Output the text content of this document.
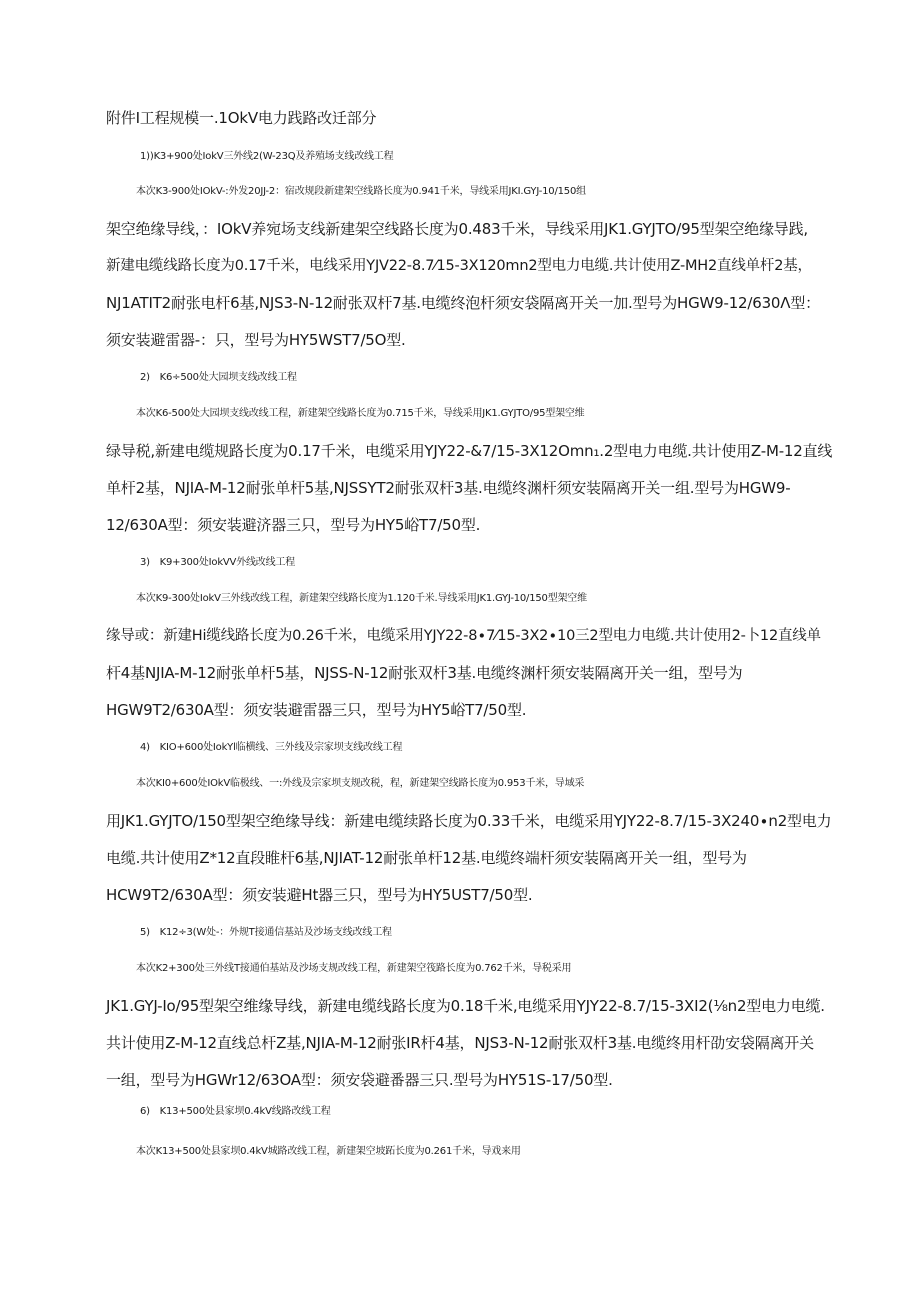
附件I工程规模一.1OkV电力践路改迁部分
1))K3+900处IokV三外线2(W-23Q及养殖场支线改线工程
本次K3-900处IOkV-:外发20JJ-2：宿改规段新建架空线路长度为0.941千米，导线采用JKI.GYJ-10/150组
架空绝缘导线，：IOkV养宛场支线新建架空线路长度为0.483千米，导线采用JK1.GYJTO/95型架空绝缘导践,
新建电缆线路长度为0.17千米，电线采用YJV22-8.7⁄15-3X120mn2型电力电缆.共计使用Z-MH2直线单杆2基，
NJ1ATIT2耐张电杆6基,NJS3-N-12耐张双杆7基.电缆终泡杆须安袋隔离开关一加.型号为HGW9-12∕630Λ型：
须安装避雷器-：只，型号为HY5WST7/5O型.
2)　K6÷500处大园坝支线改线工程
本次K6-500处大园坝支线改线工程，新建架空线路长度为0.715千米，导线采用JK1.GYJTO/95型架空维
绿导税,新建电缆规路长度为0.17千米，电缆采用YJY22-&7/15-3X12Omn₁.2型电力电缆.共计使用Z-M-12直线
单杆2基，NJIA-M-12耐张单杆5基,NJSSYT2耐张双杆3基.电缆终渊杆须安装隔离开关一组.型号为HGW9-
12/630A型：须安装避济器三只，型号为HY5峪T7/50型.
3)　K9+300处IokVV外线改线工程
本次K9-300处IokV三外线改线工程，新建架空线路长度为1.120千米.导线采用JK1.GYJ-10/150型架空维
缘导或：新建Hi缆线路长度为0.26千米，电缆采用YJY22-8∙7⁄15-3X2∙10三2型电力电缆.共计使用2-卜12直线单
杆4基NJIA-M-12耐张单杆5基，NJSS-N-12耐张双杆3基.电缆终渊杆须安装隔离开关一组，型号为
HGW9T2/630A型：须安装避雷器三只，型号为HY5峪T7/50型.
4)　KIO+600处IokYl临横线、三外线及宗家坝支线改线工程
本次KI0+600处IOkV临极线、一:外线及宗家坝支规改税，程，新建架空线路长度为0.953千米，导域采
用JK1.GYJTO/150型架空绝缘导线：新建电缆续路长度为0.33千米，电缆采用YJY22-8.7/15-3X240∙n2型电力
电缆.共计使用Z*12直段睢杆6基,NJIAT-12耐张单杆12基.电缆终端杆须安装隔离开关一组，型号为
HCW9T2/630A型：须安装避Ht器三只，型号为HY5UST7/50型.
5)　K12÷3(W处-：外规T接通信基站及沙场支线改线工程
本次K2+300处三外线T接通伯基站及沙场支规改线工程，新建架空筏路长度为0.762千米，导税采用
JK1.GYJ-Io/95型架空维缘导线，新建电缆线路长度为0.18千米,电缆采用YJY22-8.7/15-3XI2(⅛n2型电力电缆.
共计使用Z-M-12直线总杆Z基,NJIA-M-12耐张IR杆4基，NJS3-N-12耐张双杆3基.电缆终用杆劭安袋隔离开关
一组，型号为HGWr12/63OA型：须安袋避番器三只.型号为HY51S-17/50型.
6)　K13+500处县家坝0.4kV线路改线工程
本次K13+500处县家坝0.4kV城路改线工程，新建架空坡跖长度为0.261千米，导戏来用
